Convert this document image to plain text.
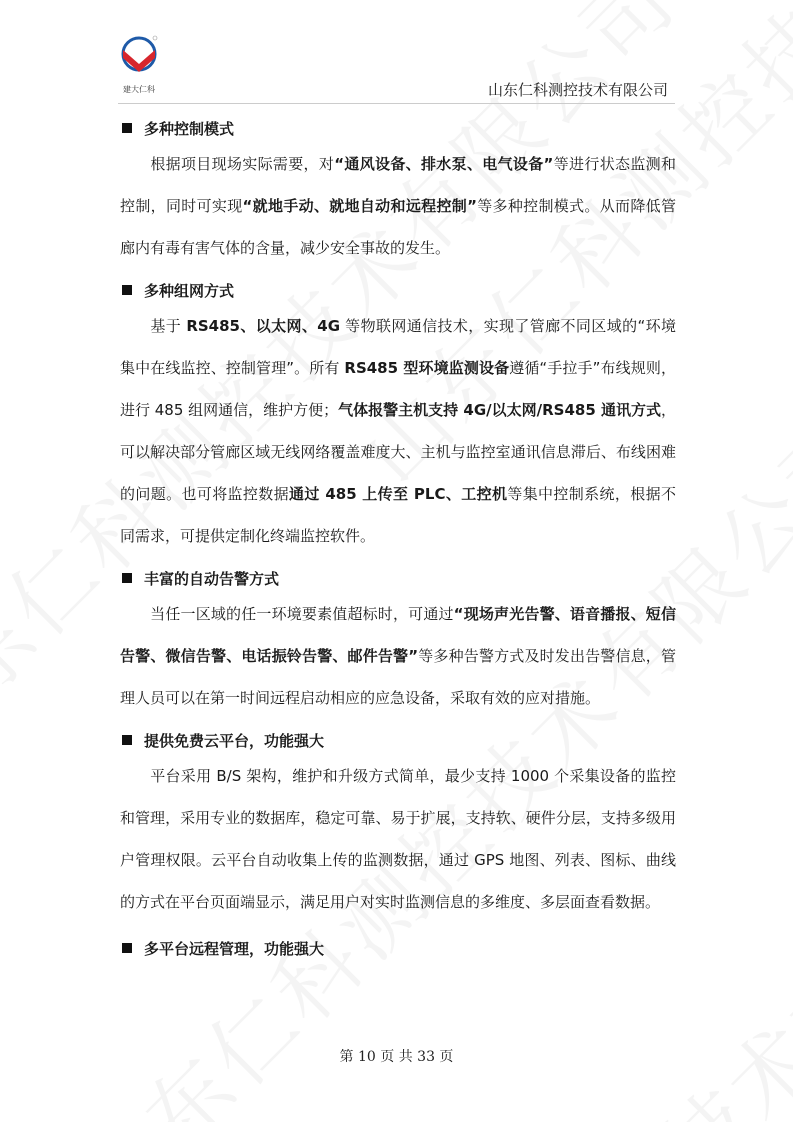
建大仁科	山东仁科测控技术有限公司
多种控制模式

根据项目现场实际需要，对“通风设备、排水泵、电气设备”等进行状态监测和控制，同时可实现“就地手动、就地自动和远程控制”等多种控制模式。从而降低管廊内有毒有害气体的含量，减少安全事故的发生。

多种组网方式

基于 RS485、以太网、4G 等物联网通信技术，实现了管廊不同区域的“环境集中在线监控、控制管理”。所有 RS485 型环境监测设备遵循“手拉手”布线规则，进行 485 组网通信，维护方便；气体报警主机支持 4G/以太网/RS485 通讯方式，可以解决部分管廊区域无线网络覆盖难度大、主机与监控室通讯信息滞后、布线困难的问题。也可将监控数据通过 485 上传至 PLC、工控机等集中控制系统，根据不同需求，可提供定制化终端监控软件。

丰富的自动告警方式

当任一区域的任一环境要素值超标时，可通过“现场声光告警、语音播报、短信告警、微信告警、电话振铃告警、邮件告警”等多种告警方式及时发出告警信息，管理人员可以在第一时间远程启动相应的应急设备，采取有效的应对措施。

提供免费云平台，功能强大

平台采用 B/S 架构，维护和升级方式简单，最少支持 1000 个采集设备的监控和管理，采用专业的数据库，稳定可靠、易于扩展，支持软、硬件分层，支持多级用户管理权限。云平台自动收集上传的监测数据，通过 GPS 地图、列表、图标、曲线的方式在平台页面端显示，满足用户对实时监测信息的多维度、多层面查看数据。

多平台远程管理，功能强大
第 10 页 共 33 页
